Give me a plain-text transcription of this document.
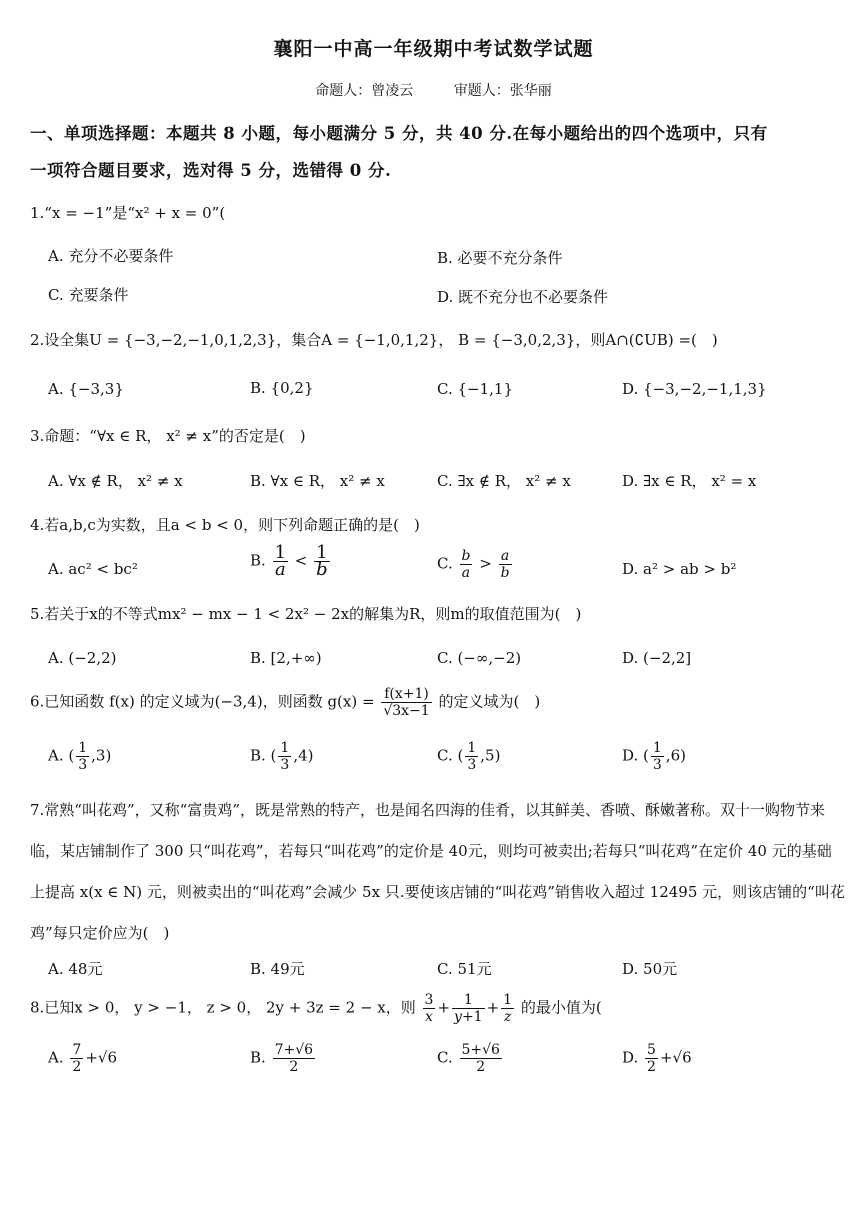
襄阳一中高一年级期中考试数学试题
命题人：曾凌云	审题人：张华丽
一、单项选择题：本题共 8 小题，每小题满分 5 分，共 40 分.在每小题给出的四个选项中，只有
一项符合题目要求，选对得 5 分，选错得 0 分.
1.“x = −1”是“x² + x = 0”(
A. 充分不必要条件	B. 必要不充分条件
C. 充要条件	D. 既不充分也不必要条件
2.设全集U = {−3,−2,−1,0,1,2,3}，集合A = {−1,0,1,2}， B = {−3,0,2,3}，则A∩(∁UB) =(　)
A. {−3,3}	B. {0,2}	C. {−1,1}	D. {−3,−2,−1,1,3}
3.命题：“∀x ∈ R， x² ≠ x”的否定是(　)
A. ∀x ∉ R， x² ≠ x	B. ∀x ∈ R， x² ≠ x	C. ∃x ∉ R， x² ≠ x	D. ∃x ∈ R， x² = x
4.若a,b,c为实数，且a < b < 0，则下列命题正确的是(　)
A. ac² < bc²	B. $\frac{1}{a} < \frac{1}{b}$	C. $\frac{b}{a} > \frac{a}{b}$	D. a² > ab > b²
5.若关于x的不等式mx² − mx − 1 < 2x² − 2x的解集为R，则m的取值范围为(　)
A. (−2,2)	B. [2,+∞)	C. (−∞,−2)	D. (−2,2]
6.已知函数 f(x) 的定义域为(−3,4)，则函数 $g(x) = \frac{f(x+1)}{√3x-1}$ 的定义域为(　)
A. ( $\frac{1}{3} ,3$)	B. ( $\frac{1}{3} ,4$)	C. ( $\frac{1}{3} ,5$)	D. ( $\frac{1}{3} ,6$)
7.常熟“叫花鸡”，又称“富贵鸡”，既是常熟的特产，也是闻名四海的佳肴，以其鲜美、香喷、酥嫩著称。双十一购物节来临，某店铺制作了 300 只“叫花鸡”，若每只“叫花鸡”的定价是 40元，则均可被卖出;若每只“叫花鸡”在定价 40 元的基础上提高 x(x ∈ N) 元，则被卖出的“叫花鸡”会减少 5x 只.要使该店铺的“叫花鸡”销售收入超过 12495 元，则该店铺的“叫花鸡”每只定价应为(　)
A. 48元	B. 49元	C. 51元	D. 50元
8.已知x > 0， y > −1， z > 0， 2y + 3z = 2 − x，则 $\frac{3}{x} + \frac{1}{y+1} + \frac{1}{z}$ 的最小值为(
A. $\frac{7}{2} +√6$	B. $\frac{7+√6}{2}$	C. $\frac{5+√6}{2}$	D. $\frac{5}{2} +√6$
